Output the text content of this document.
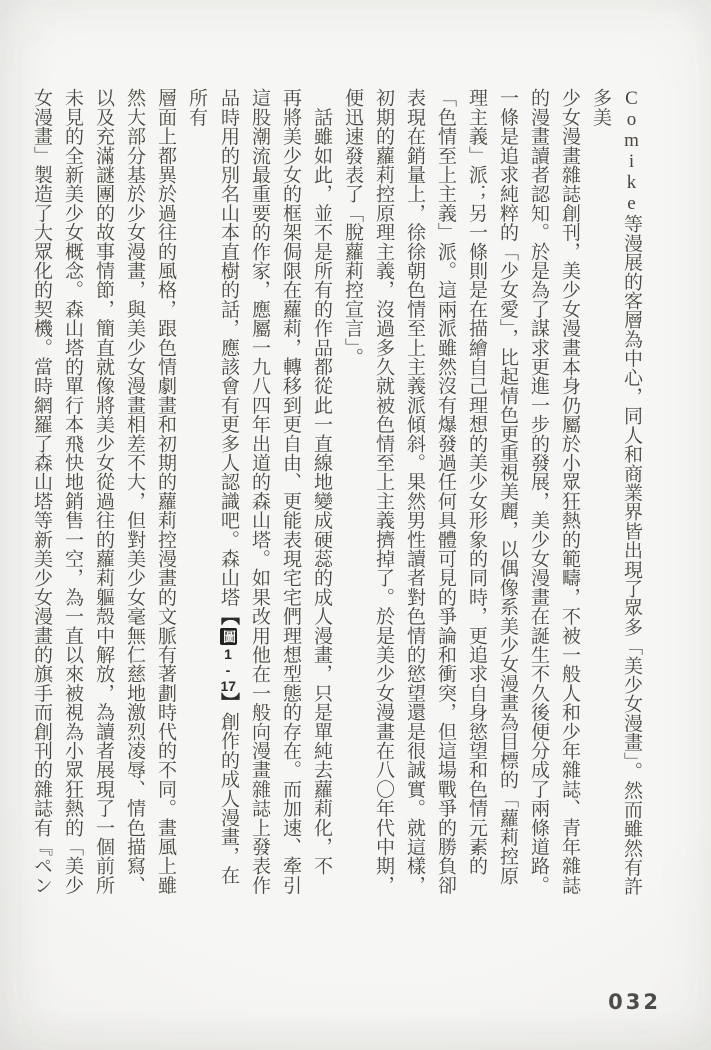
Comike等漫展的客層為中心，同人和商業界皆出現了眾多「美少女漫畫」。然而雖然有許多美

少女漫畫雜誌創刊，美少女漫畫本身仍屬於小眾狂熱的範疇，不被一般人和少年雜誌、青年雜誌

的漫畫讀者認知。於是為了謀求更進一步的發展，美少女漫畫在誕生不久後便分成了兩條道路。

一條是追求純粹的「少女愛」，比起情色更重視美麗，以偶像系美少女漫畫為目標的「蘿莉控原

理主義」派；另一條則是在描繪自己理想的美少女形象的同時，更追求自身慾望和色情元素的

「色情至上主義」派。這兩派雖然沒有爆發過任何具體可見的爭論和衝突，但這場戰爭的勝負卻

表現在銷量上，徐徐朝色情至上主義派傾斜。果然男性讀者對色情的慾望還是很誠實。就這樣，

初期的蘿莉控原理主義，沒過多久就被色情至上主義擠掉了。於是美少女漫畫在八〇年代中期，

便迅速發表了「脫蘿莉控宣言」。

　話雖如此，並不是所有的作品都從此一直線地變成硬蕊的成人漫畫，只是單純去蘿莉化，不

再將美少女的框架侷限在蘿莉，轉移到更自由、更能表現宅宅們理想型態的存在。而加速、牽引

這股潮流最重要的作家，應屬一九八四年出道的森山塔。如果改用他在一般向漫畫雜誌上發表作

品時用的別名山本直樹的話，應該會有更多人認識吧。森山塔【圖1-17】創作的成人漫畫，在所有

層面上都異於過往的風格，跟色情劇畫和初期的蘿莉控漫畫的文脈有著劃時代的不同。畫風上雖

然大部分基於少女漫畫，與美少女漫畫相差不大，但對美少女毫無仁慈地激烈凌辱、情色描寫、

以及充滿謎團的故事情節，簡直就像將美少女從過往的蘿莉軀殼中解放，為讀者展現了一個前所

未見的全新美少女概念。森山塔的單行本飛快地銷售一空，為一直以來被視為小眾狂熱的「美少

女漫畫」製造了大眾化的契機。當時網羅了森山塔等新美少女漫畫的旗手而創刊的雜誌有『ペン

032
